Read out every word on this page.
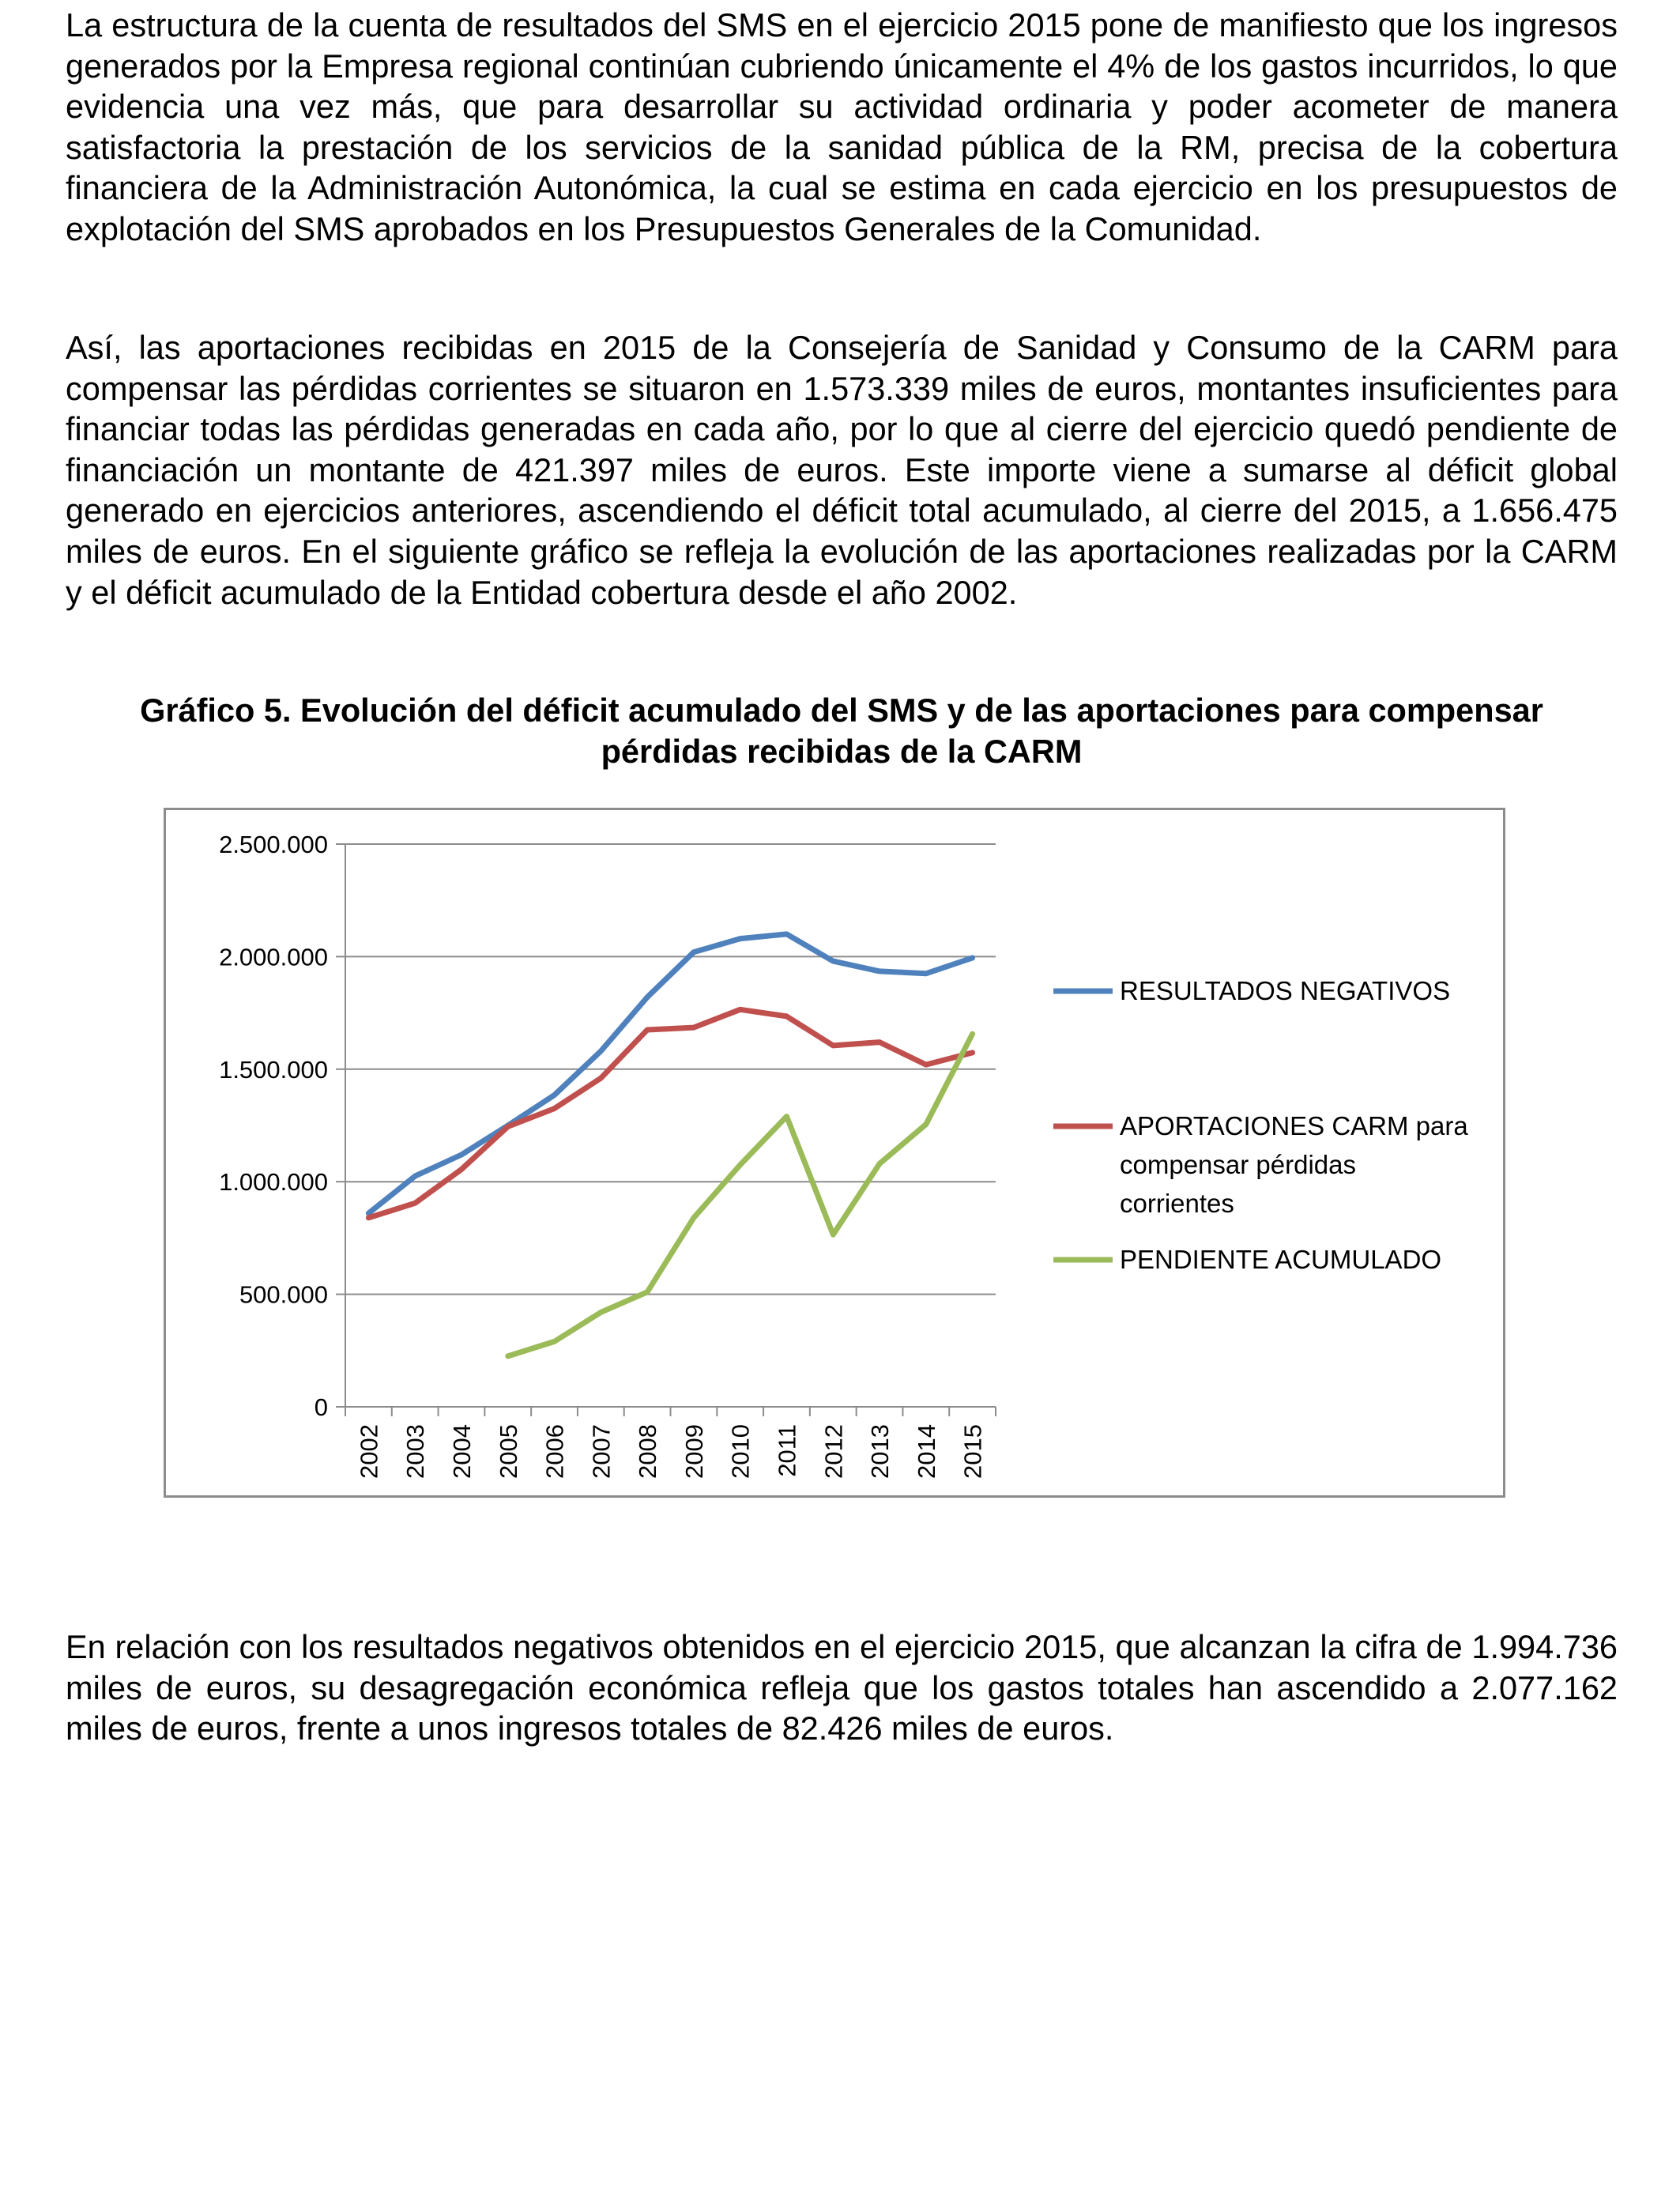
La estructura de la cuenta de resultados del SMS en el ejercicio 2015 pone de manifiesto que los ingresos generados por la Empresa regional continúan cubriendo únicamente el 4% de los gastos incurridos, lo que evidencia una vez más, que para desarrollar su actividad ordinaria y poder acometer de manera satisfactoria la prestación de los servicios de la sanidad pública de la RM, precisa de la cobertura financiera de la Administración Autonómica, la cual se estima en cada ejercicio en los presupuestos de explotación del SMS aprobados en los Presupuestos Generales de la Comunidad.

Así, las aportaciones recibidas en 2015 de la Consejería de Sanidad y Consumo de la CARM para compensar las pérdidas corrientes se situaron en 1.573.339 miles de euros, montantes insuficientes para financiar todas las pérdidas generadas en cada año, por lo que al cierre del ejercicio quedó pendiente de financiación un montante de 421.397 miles de euros. Este importe viene a sumarse al déficit global generado en ejercicios anteriores, ascendiendo el déficit total acumulado, al cierre del 2015, a 1.656.475 miles de euros. En el siguiente gráfico se refleja la evolución de las aportaciones realizadas por la CARM y el déficit acumulado de la Entidad cobertura desde el año 2002.

Gráfico 5. Evolución del déficit acumulado del SMS y de las aportaciones para compensar
pérdidas recibidas de la CARM
0
500.000
1.000.000
1.500.000
2.000.000
2.500.000
2002 2003 2004 2005 2006 2007 2008 2009 2010 2011 2012 2013 2014 2015
RESULTADOS NEGATIVOS
APORTACIONES CARM para
compensar pérdidas
corrientes
PENDIENTE ACUMULADO

En relación con los resultados negativos obtenidos en el ejercicio 2015, que alcanzan la cifra de 1.994.736 miles de euros, su desagregación económica refleja que los gastos totales han ascendido a 2.077.162 miles de euros, frente a unos ingresos totales de 82.426 miles de euros.
